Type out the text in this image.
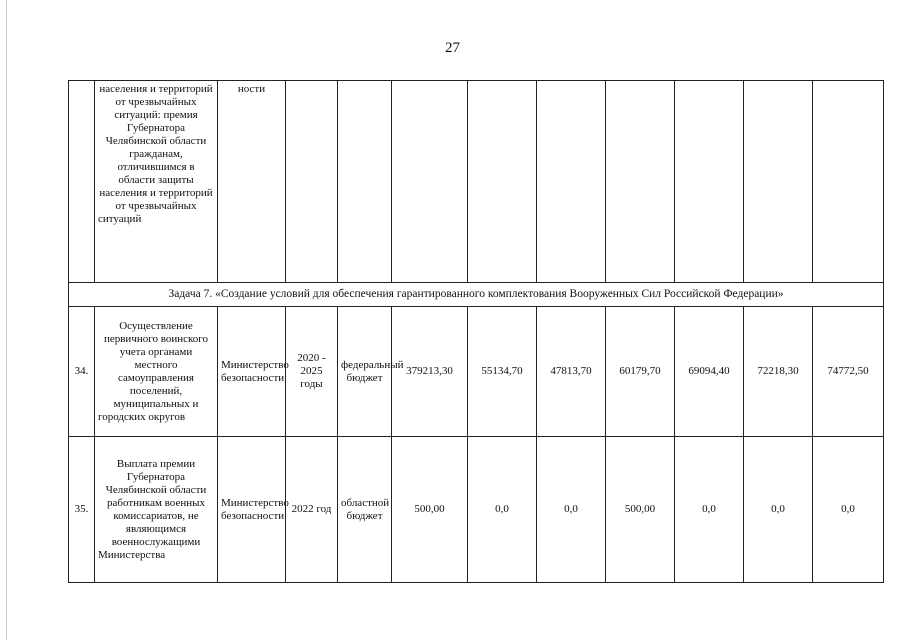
27
	населения и территорий от чрезвычайных ситуаций: премия Губернатора Челябинской области гражданам, отличившимся в области защиты населения и территорий от чрезвычайных ситуаций	ности									
Задача 7. «Создание условий для обеспечения гарантированного комплектования Вооруженных Сил Российской Федерации»											
34.	Осуществление первичного воинского учета органами местного самоуправления поселений, муниципальных и городских округов	Министерство безопасности	2020 - 2025 годы	федеральный бюджет	379213,30	55134,70	47813,70	60179,70	69094,40	72218,30	74772,50
35.	Выплата премии Губернатора Челябинской области работникам военных комиссариатов, не являющимся военнослужащими Министерства	Министерство безопасности	2022 год	областной бюджет	500,00	0,0	0,0	500,00	0,0	0,0	0,0
